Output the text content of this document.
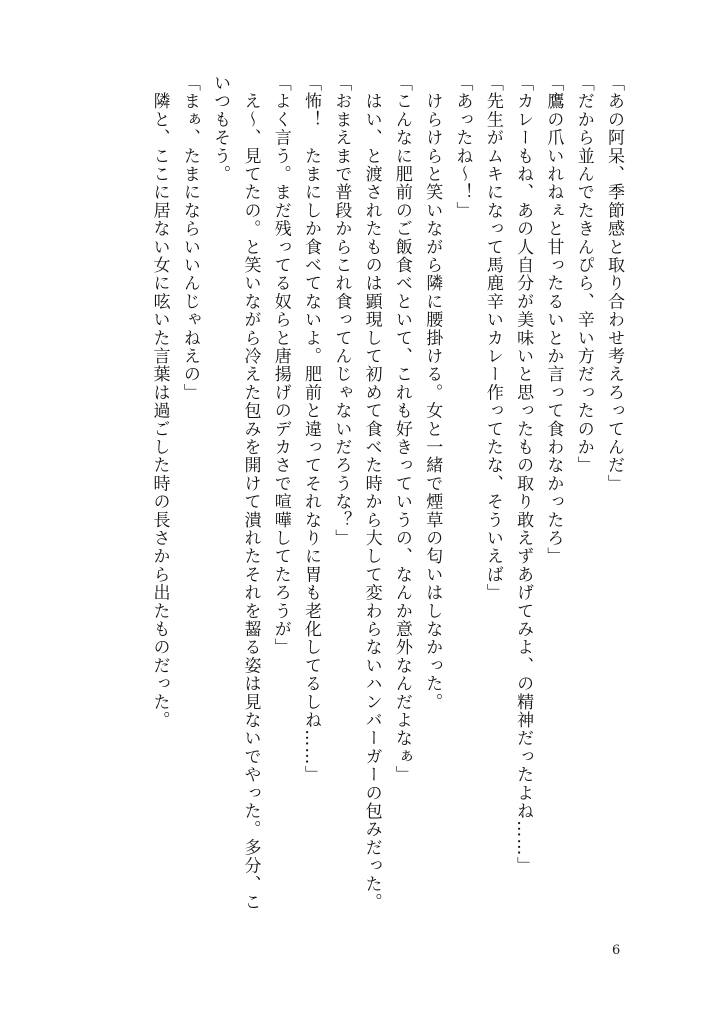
「あの阿呆、季節感と取り合わせ考えろってんだ」
「だから並んでたきんぴら、辛い方だったのか」
「鷹の爪いれねぇと甘ったるいとか言って食わなかったろ」
「カレーもね、あの人自分が美味いと思ったもの取り敢えずあげてみよ、の精神だったよね……」
「先生がムキになって馬鹿辛いカレー作ってたな、そういえば」
「あったね～！」
　けらけらと笑いながら隣に腰掛ける。女と一緒で煙草の匂いはしなかった。
「こんなに肥前のご飯食べといて、これも好きっていうの、なんか意外なんだよなぁ」
　はい、と渡されたものは顕現して初めて食べた時から大して変わらないハンバーガーの包みだった。
「おまえまで普段からこれ食ってんじゃないだろうな？」
「怖！　たまにしか食べてないよ。肥前と違ってそれなりに胃も老化してるしね……」
「よく言う。まだ残ってる奴らと唐揚げのデカさで喧嘩してたろうが」
　え～、見てたの。と笑いながら冷えた包みを開けて潰れたそれを齧る姿は見ないでやった。多分、こ
いつもそう。
「まぁ、たまにならいいんじゃねえの」
　隣と、ここに居ない女に呟いた言葉は過ごした時の長さから出たものだった。
6
